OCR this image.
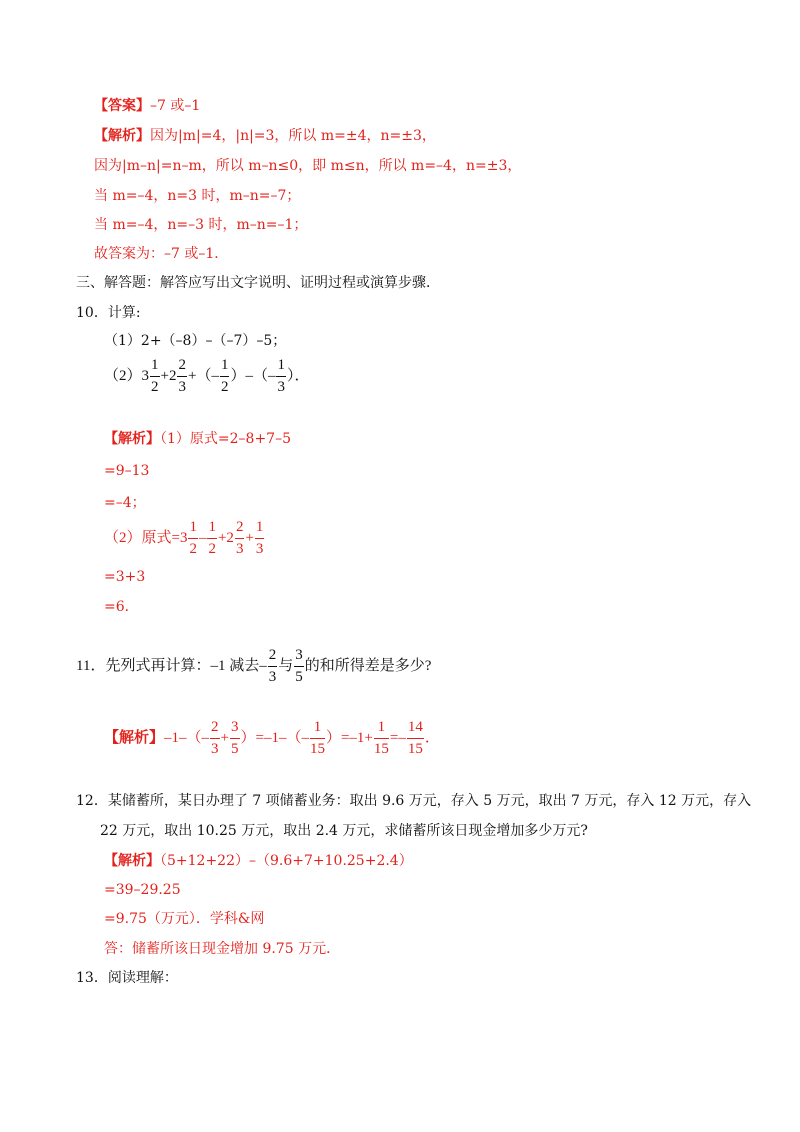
【答案】–7 或–1
【解析】因为|m|=4，|n|=3，所以 m=±4，n=±3，
因为|m–n|=n–m，所以 m–n≤0，即 m≤n，所以 m=–4，n=±3，
当 m=–4，n=3 时，m–n=–7；
当 m=–4，n=–3 时，m–n=–1；
故答案为：–7 或–1．
三、解答题：解答应写出文字说明、证明过程或演算步骤．
10．计算:
（1）2+（–8）–（–7）–5；
$(2)3 \frac{1}{2} +2 \frac{2}{3}$ +（– $\frac{1}{2}$ ）–（– $\frac{1}{3}$ ）．
【解析】（1）原式=2–8+7–5
=9–13
=–4；
（2）原式$=3 \frac{1}{2} - \frac{1}{2} +2 \frac{2}{3} + \frac{1}{3}$
=3+3
=6．
11．先列式再计算：–1 减去– $\frac{2}{3}$ 与 $\frac{3}{5}$ 的和所得差是多少?
【解析】$-1-(- \frac{2}{3} + \frac{3}{5} )=-1-(- \frac{1}{15} )=-1+ \frac{1}{15} =- \frac{14}{15}$ ．
12．某储蓄所，某日办理了 7 项储蓄业务：取出 9.6 万元，存入 5 万元，取出 7 万元，存入 12 万元，存入
22 万元，取出 10.25 万元，取出 2.4 万元，求储蓄所该日现金增加多少万元?
【解析】（5+12+22）–（9.6+7+10.25+2.4）
=39–29.25
=9.75（万元）．学科&网
答：储蓄所该日现金增加 9.75 万元．
13．阅读理解：
